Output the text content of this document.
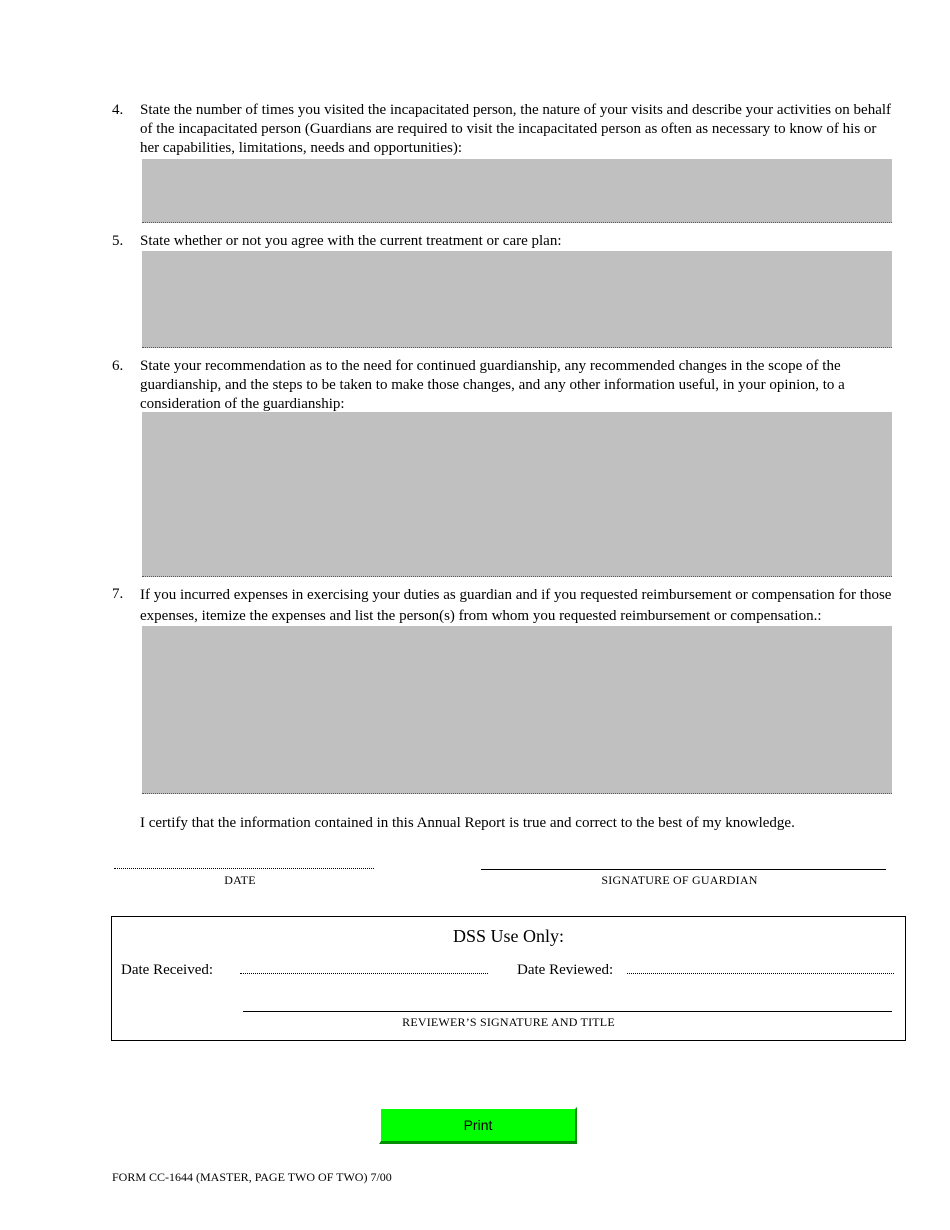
4. State the number of times you visited the incapacitated person, the nature of your visits and describe your activities on behalf of the incapacitated person (Guardians are required to visit the incapacitated person as often as necessary to know of his or her capabilities, limitations, needs and opportunities):
5. State whether or not you agree with the current treatment or care plan:
6. State your recommendation as to the need for continued guardianship, any recommended changes in the scope of the guardianship, and the steps to be taken to make those changes, and any other information useful, in your opinion, to a consideration of the guardianship:
7. If you incurred expenses in exercising your duties as guardian and if you requested reimbursement or compensation for those expenses, itemize the expenses and list the person(s) from whom you requested reimbursement or compensation.:
I certify that the information contained in this Annual Report is true and correct to the best of my knowledge.
DATE	SIGNATURE OF GUARDIAN
DSS Use Only:
Date Received:	Date Reviewed:
REVIEWER’S SIGNATURE AND TITLE
Print
FORM CC-1644 (MASTER, PAGE TWO OF TWO) 7/00
